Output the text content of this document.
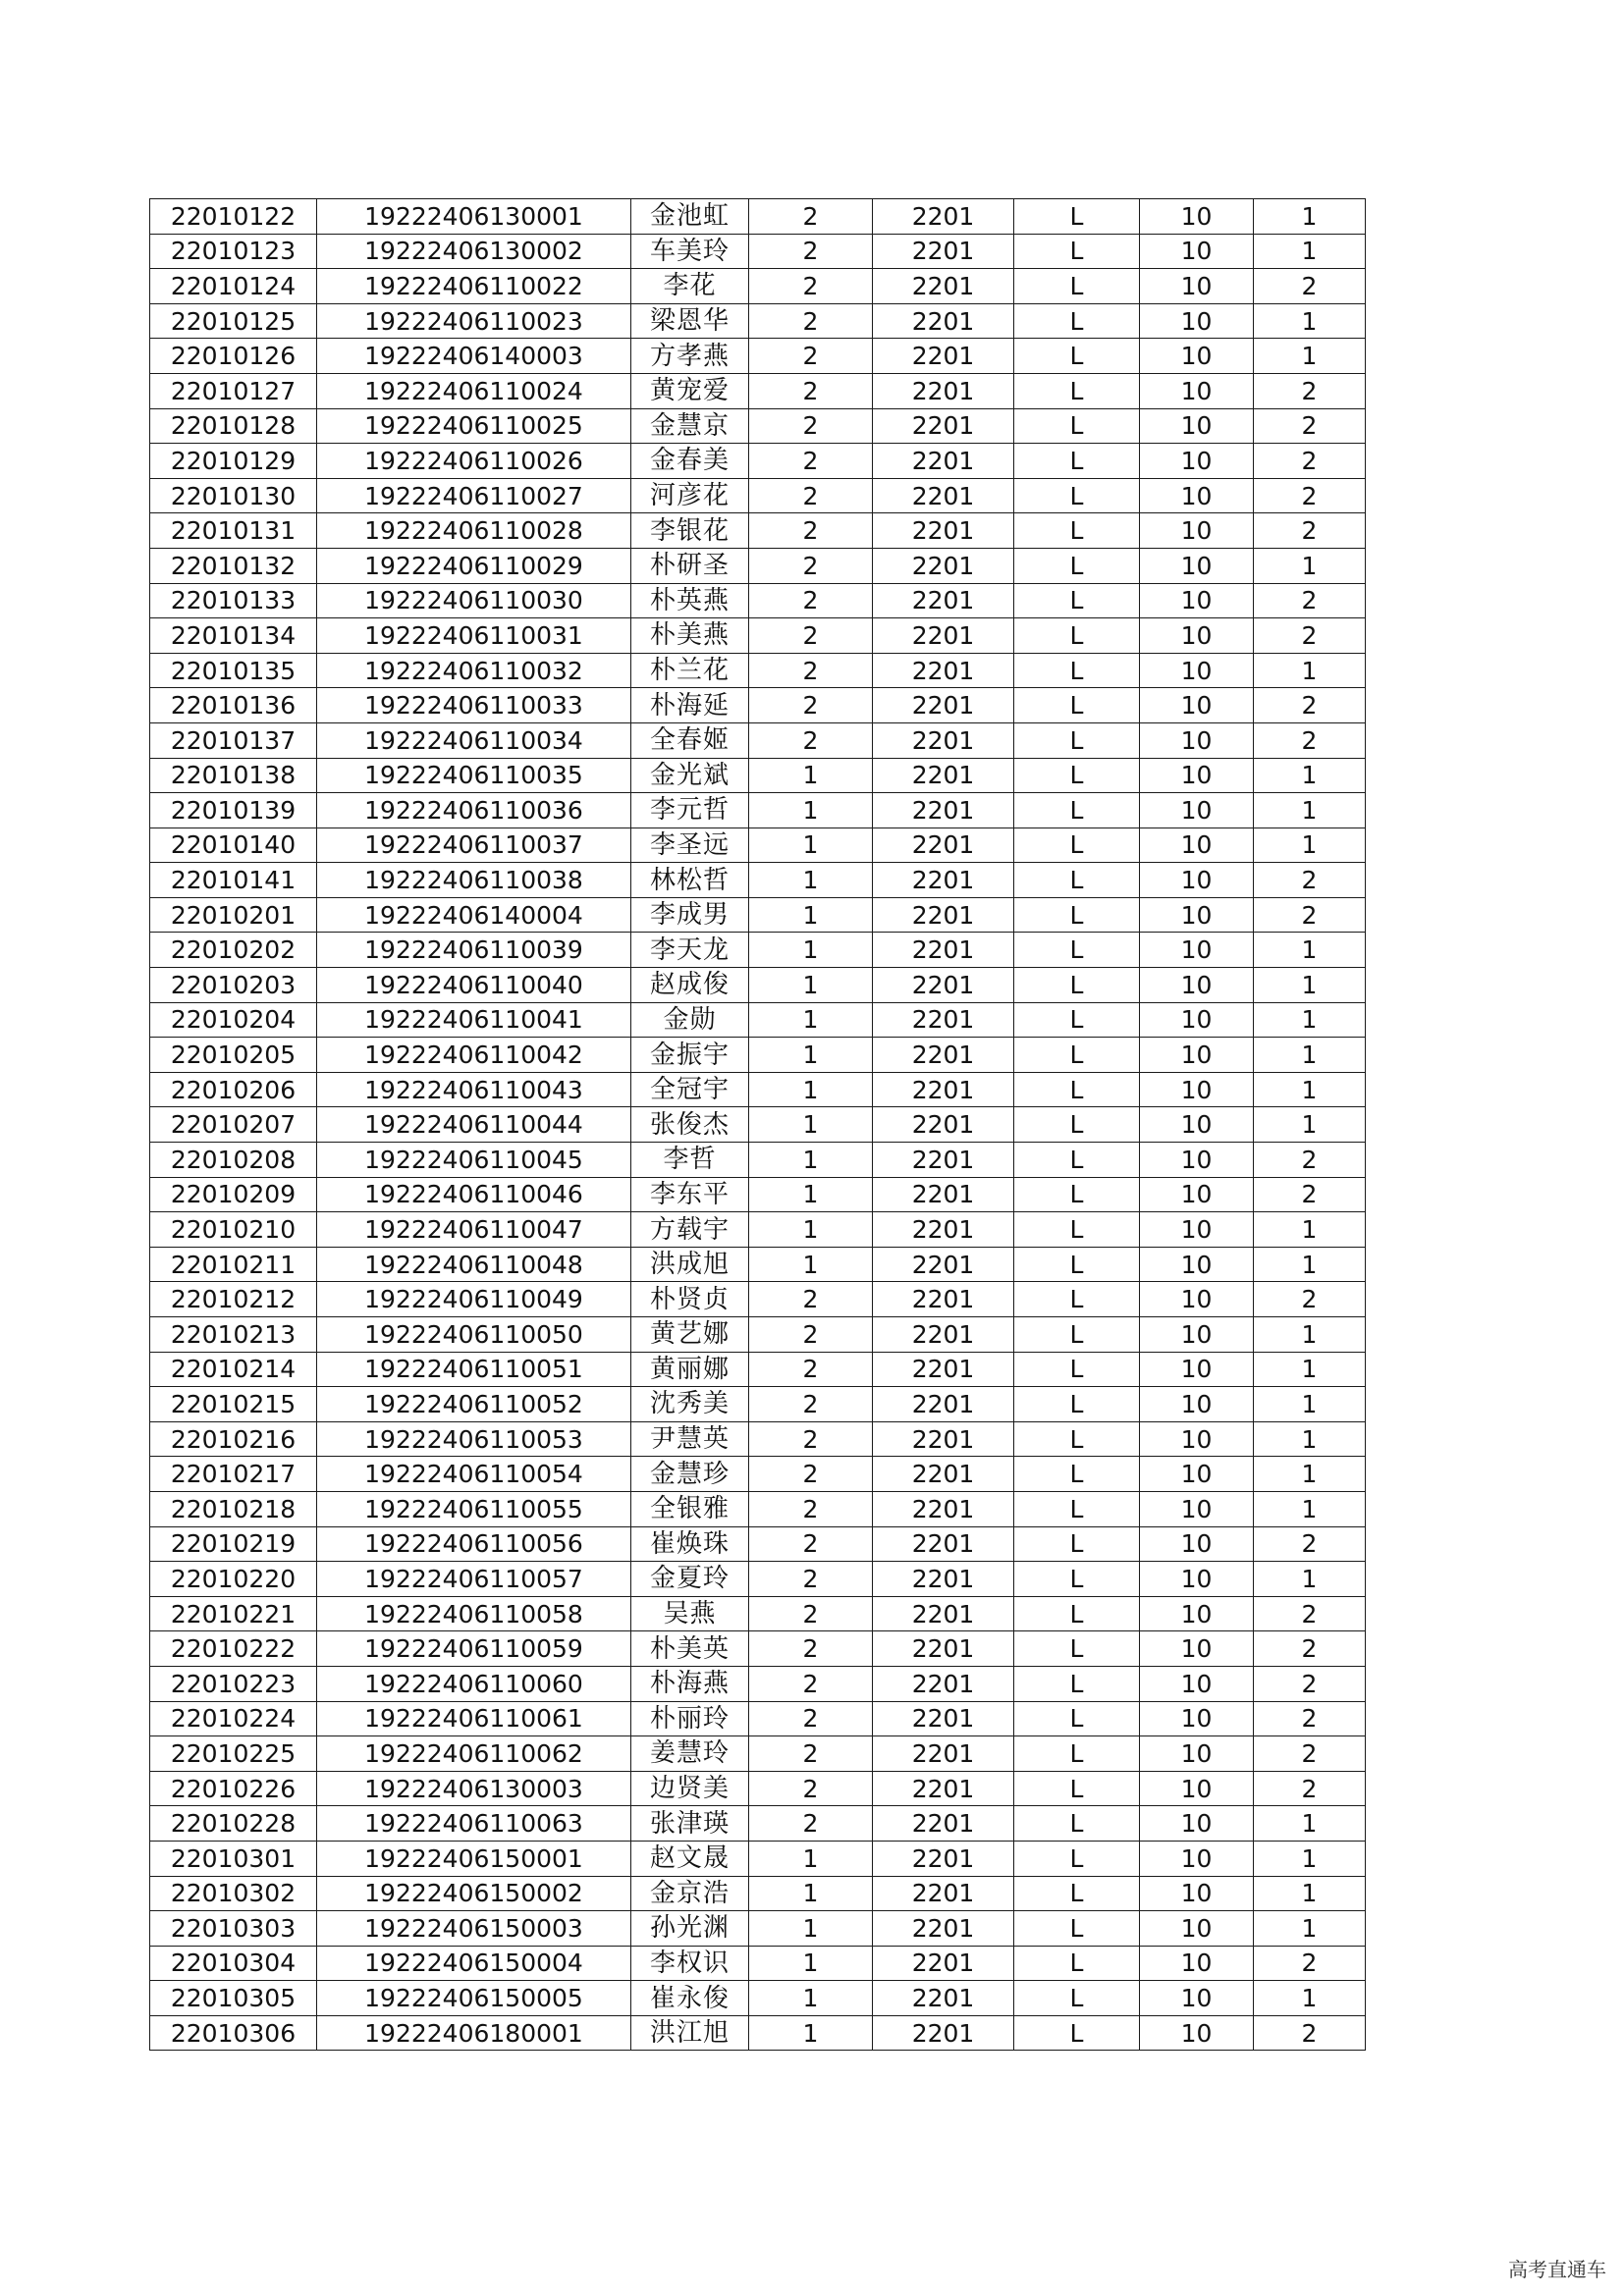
22010122	19222406130001	金池虹	2	2201	L	10	1
22010123	19222406130002	车美玲	2	2201	L	10	1
22010124	19222406110022	李花	2	2201	L	10	2
22010125	19222406110023	梁恩华	2	2201	L	10	1
22010126	19222406140003	方孝燕	2	2201	L	10	1
22010127	19222406110024	黄宠爱	2	2201	L	10	2
22010128	19222406110025	金慧京	2	2201	L	10	2
22010129	19222406110026	金春美	2	2201	L	10	2
22010130	19222406110027	河彦花	2	2201	L	10	2
22010131	19222406110028	李银花	2	2201	L	10	2
22010132	19222406110029	朴研圣	2	2201	L	10	1
22010133	19222406110030	朴英燕	2	2201	L	10	2
22010134	19222406110031	朴美燕	2	2201	L	10	2
22010135	19222406110032	朴兰花	2	2201	L	10	1
22010136	19222406110033	朴海延	2	2201	L	10	2
22010137	19222406110034	全春姬	2	2201	L	10	2
22010138	19222406110035	金光斌	1	2201	L	10	1
22010139	19222406110036	李元哲	1	2201	L	10	1
22010140	19222406110037	李圣远	1	2201	L	10	1
22010141	19222406110038	林松哲	1	2201	L	10	2
22010201	19222406140004	李成男	1	2201	L	10	2
22010202	19222406110039	李天龙	1	2201	L	10	1
22010203	19222406110040	赵成俊	1	2201	L	10	1
22010204	19222406110041	金勋	1	2201	L	10	1
22010205	19222406110042	金振宇	1	2201	L	10	1
22010206	19222406110043	全冠宇	1	2201	L	10	1
22010207	19222406110044	张俊杰	1	2201	L	10	1
22010208	19222406110045	李哲	1	2201	L	10	2
22010209	19222406110046	李东平	1	2201	L	10	2
22010210	19222406110047	方载宇	1	2201	L	10	1
22010211	19222406110048	洪成旭	1	2201	L	10	1
22010212	19222406110049	朴贤贞	2	2201	L	10	2
22010213	19222406110050	黄艺娜	2	2201	L	10	1
22010214	19222406110051	黄丽娜	2	2201	L	10	1
22010215	19222406110052	沈秀美	2	2201	L	10	1
22010216	19222406110053	尹慧英	2	2201	L	10	1
22010217	19222406110054	金慧珍	2	2201	L	10	1
22010218	19222406110055	全银雅	2	2201	L	10	1
22010219	19222406110056	崔焕珠	2	2201	L	10	2
22010220	19222406110057	金夏玲	2	2201	L	10	1
22010221	19222406110058	吴燕	2	2201	L	10	2
22010222	19222406110059	朴美英	2	2201	L	10	2
22010223	19222406110060	朴海燕	2	2201	L	10	2
22010224	19222406110061	朴丽玲	2	2201	L	10	2
22010225	19222406110062	姜慧玲	2	2201	L	10	2
22010226	19222406130003	边贤美	2	2201	L	10	2
22010228	19222406110063	张津瑛	2	2201	L	10	1
22010301	19222406150001	赵文晟	1	2201	L	10	1
22010302	19222406150002	金京浩	1	2201	L	10	1
22010303	19222406150003	孙光渊	1	2201	L	10	1
22010304	19222406150004	李权识	1	2201	L	10	2
22010305	19222406150005	崔永俊	1	2201	L	10	1
22010306	19222406180001	洪江旭	1	2201	L	10	2
高考直通车
